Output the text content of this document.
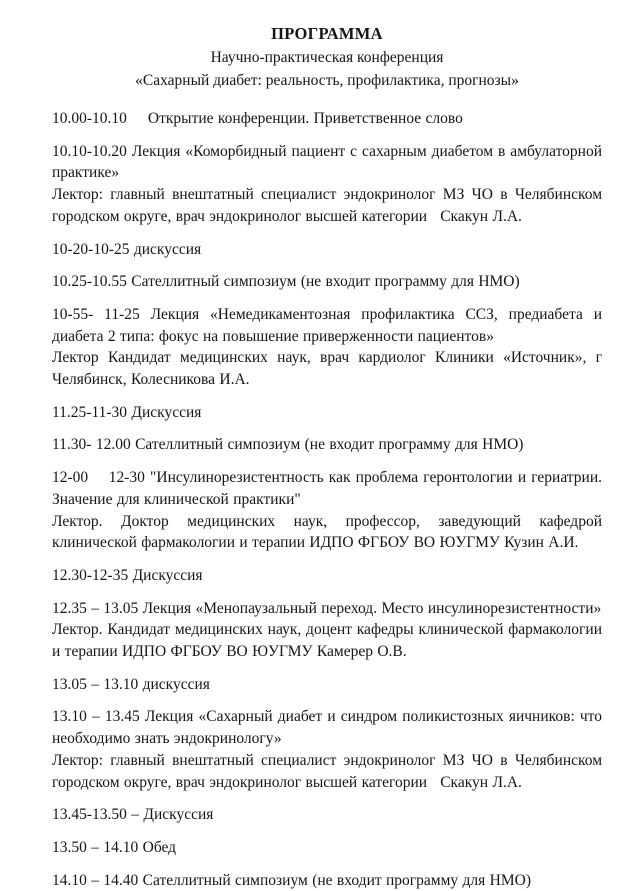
ПРОГРАММА
Научно-практическая конференция
«Сахарный диабет: реальность, профилактика, прогнозы»

10.00-10.10 Открытие конференции. Приветственное слово

10.10-10.20 Лекция «Коморбидный пациент с сахарным диабетом в амбулаторной практике»

Лектор: главный внештатный специалист эндокринолог МЗ ЧО в Челябинском городском округе, врач эндокринолог высшей категории   Скакун Л.А.

10-20-10-25 дискуссия

10.25-10.55 Сателлитный симпозиум (не входит программу для НМО)

10-55- 11-25 Лекция «Немедикаментозная профилактика ССЗ, предиабета и диабета 2 типа: фокус на повышение приверженности пациентов»

Лектор Кандидат медицинских наук, врач кардиолог Клиники «Источник», г Челябинск, Колесникова И.А.

11.25-11-30 Дискуссия

11.30- 12.00 Сателлитный симпозиум (не входит программу для НМО)

12-00    12-30 "Инсулинорезистентность как проблема геронтологии и гериатрии. Значение для клинической практики"

Лектор. Доктор медицинских наук, профессор, заведующий кафедрой клинической фармакологии и терапии ИДПО ФГБОУ ВО ЮУГМУ Кузин А.И.

12.30-12-35 Дискуссия

12.35 – 13.05 Лекция «Менопаузальный переход. Место инсулинорезистентности»

Лектор. Кандидат медицинских наук, доцент кафедры клинической фармакологии и терапии ИДПО ФГБОУ ВО ЮУГМУ Камерер О.В.

13.05 – 13.10 дискуссия

13.10 – 13.45 Лекция «Сахарный диабет и синдром поликистозных яичников: что необходимо знать эндокринологу»

Лектор: главный внештатный специалист эндокринолог МЗ ЧО в Челябинском городском округе, врач эндокринолог высшей категории   Скакун Л.А.

13.45-13.50 – Дискуссия

13.50 – 14.10 Обед

14.10 – 14.40 Сателлитный симпозиум (не входит программу для НМО)
